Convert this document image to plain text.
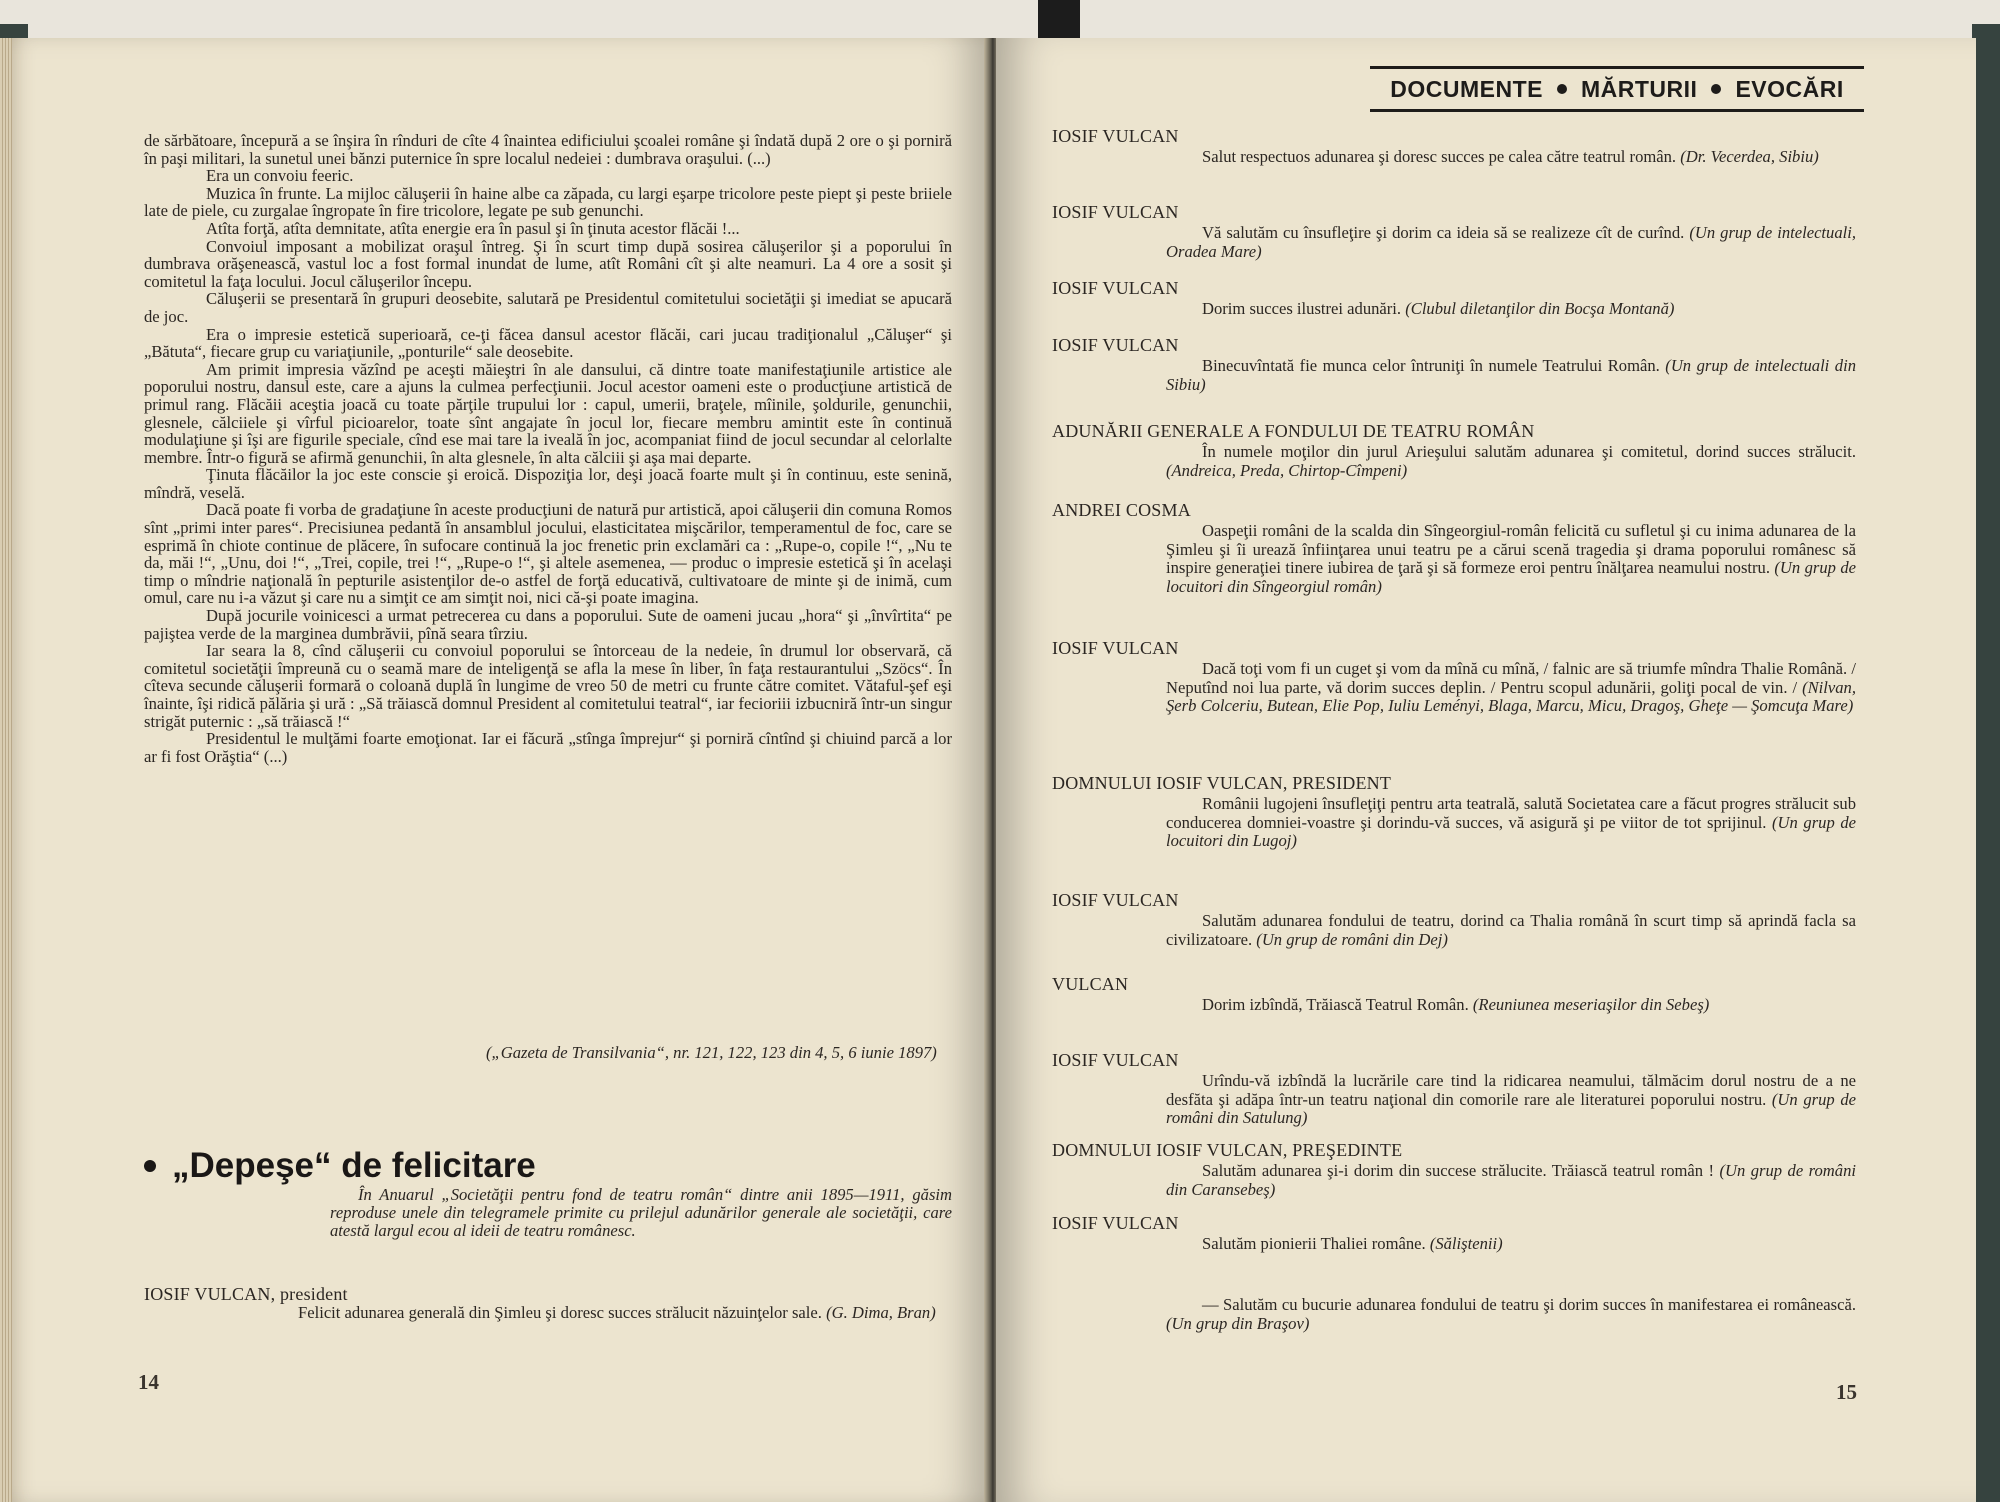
de sărbătoare, începură a se înşira în rînduri de cîte 4 înaintea edificiului şcoalei române şi îndată după 2 ore o şi porniră în paşi militari, la sunetul unei bănzi puternice în spre localul nedeiei : dumbrava oraşului. (...)

Era un convoiu feeric.

Muzica în frunte. La mijloc căluşerii în haine albe ca zăpada, cu largi eşarpe tricolore peste piept şi peste briiele late de piele, cu zurgalae îngropate în fire tricolore, legate pe sub genunchi.

Atîta forţă, atîta demnitate, atîta energie era în pasul şi în ţinuta acestor flăcăi !...

Convoiul imposant a mobilizat oraşul întreg. Şi în scurt timp după sosirea căluşerilor şi a poporului în dumbrava orăşenească, vastul loc a fost formal inundat de lume, atît Români cît şi alte neamuri. La 4 ore a sosit şi comitetul la faţa locului. Jocul căluşerilor începu.

Căluşerii se presentară în grupuri deosebite, salutară pe Presidentul comitetului societăţii şi imediat se apucară de joc.

Era o impresie estetică superioară, ce-ţi făcea dansul acestor flăcăi, cari jucau tradiţionalul „Căluşer“ şi „Bătuta“, fiecare grup cu variaţiunile, „ponturile“ sale deosebite.

Am primit impresia văzînd pe aceşti măieştri în ale dansului, că dintre toate manifestaţiunile artistice ale poporului nostru, dansul este, care a ajuns la culmea perfecţiunii. Jocul acestor oameni este o producţiune artistică de primul rang. Flăcăii aceştia joacă cu toate părţile trupului lor : capul, umerii, braţele, mîinile, şoldurile, genunchii, glesnele, călciiele şi vîrful picioarelor, toate sînt angajate în jocul lor, fiecare membru amintit este în continuă modulaţiune şi îşi are figurile speciale, cînd ese mai tare la iveală în joc, acompaniat fiind de jocul secundar al celorlalte membre. Într-o figură se afirmă genunchii, în alta glesnele, în alta călciii şi aşa mai departe.

Ţinuta flăcăilor la joc este conscie şi eroică. Dispoziţia lor, deşi joacă foarte mult şi în continuu, este senină, mîndră, veselă.

Dacă poate fi vorba de gradaţiune în aceste producţiuni de natură pur artistică, apoi căluşerii din comuna Romos sînt „primi inter pares“. Precisiunea pedantă în ansamblul jocului, elasticitatea mişcărilor, temperamentul de foc, care se esprimă în chiote continue de plăcere, în sufocare continuă la joc frenetic prin exclamări ca : „Rupe-o, copile !“, „Nu te da, măi !“, „Unu, doi !“, „Trei, copile, trei !“, „Rupe-o !“, şi altele asemenea, — produc o impresie estetică şi în acelaşi timp o mîndrie naţională în pepturile asistenţilor de-o astfel de forţă educativă, cultivatoare de minte şi de inimă, cum omul, care nu i-a văzut şi care nu a simţit ce am simţit noi, nici că-şi poate imagina.

După jocurile voinicesci a urmat petrecerea cu dans a poporului. Sute de oameni jucau „hora“ şi „învîrtita“ pe pajiştea verde de la marginea dumbrăvii, pînă seara tîrziu.

Iar seara la 8, cînd căluşerii cu convoiul poporului se întorceau de la nedeie, în drumul lor observară, că comitetul societăţii împreună cu o seamă mare de inteligenţă se afla la mese în liber, în faţa restaurantului „Szöcs“. În cîteva secunde căluşerii formară o coloană duplă în lungime de vreo 50 de metri cu frunte către comitet. Vătaful-şef eşi înainte, îşi ridică pălăria şi ură : „Să trăiască domnul President al comitetului teatral“, iar fecioriii izbucniră într-un singur strigăt puternic : „să trăiască !“

Presidentul le mulţămi foarte emoţionat. Iar ei făcură „stînga împrejur“ şi porniră cîntînd şi chiuind parcă a lor ar fi fost Orăştia“ (...)

(„Gazeta de Transilvania“, nr. 121, 122, 123 din 4, 5, 6 iunie 1897)
„Depeşe“ de felicitare
În Anuarul „Societăţii pentru fond de teatru român“ dintre anii 1895—1911, găsim reproduse unele din telegramele primite cu prilejul adunărilor generale ale societăţii, care atestă largul ecou al ideii de teatru românesc.
IOSIF VULCAN, president
Felicit adunarea generală din Şimleu şi doresc succes strălucit năzuinţelor sale. (G. Dima, Bran)
14
IOSIF VULCAN
Salut respectuos adunarea şi doresc succes pe calea către teatrul român. (Dr. Vecerdea, Sibiu)
IOSIF VULCAN
Vă salutăm cu însufleţire şi dorim ca ideia să se realizeze cît de curînd. (Un grup de intelectuali, Oradea Mare)
IOSIF VULCAN
Dorim succes ilustrei adunări. (Clubul diletanţilor din Bocşa Montană)
IOSIF VULCAN
Binecuvîntată fie munca celor întruniţi în numele Teatrului Român. (Un grup de intelectuali din Sibiu)
ADUNĂRII GENERALE A FONDULUI DE TEATRU ROMÂN
În numele moţilor din jurul Arieşului salutăm adunarea şi comitetul, dorind succes strălucit. (Andreica, Preda, Chirtop-Cîmpeni)
ANDREI COSMA
Oaspeţii români de la scalda din Sîngeorgiul-român felicită cu sufletul şi cu inima adunarea de la Şimleu şi îi urează înfiinţarea unui teatru pe a cărui scenă tragedia şi drama poporului românesc să inspire generaţiei tinere iubirea de ţară şi să formeze eroi pentru înălţarea neamului nostru. (Un grup de locuitori din Sîngeorgiul român)
IOSIF VULCAN
Dacă toţi vom fi un cuget şi vom da mînă cu mînă, / falnic are să triumfe mîndra Thalie Română. / Neputînd noi lua parte, vă dorim succes deplin. / Pentru scopul adunării, goliţi pocal de vin. / (Nilvan, Şerb Colceriu, Butean, Elie Pop, Iuliu Leményi, Blaga, Marcu, Micu, Dragoş, Gheţe — Şomcuţa Mare)
DOMNULUI IOSIF VULCAN, PRESIDENT
Românii lugojeni însufleţiţi pentru arta teatrală, salută Societatea care a făcut progres strălucit sub conducerea domniei-voastre şi dorindu-vă succes, vă asigură şi pe viitor de tot sprijinul. (Un grup de locuitori din Lugoj)
IOSIF VULCAN
Salutăm adunarea fondului de teatru, dorind ca Thalia română în scurt timp să aprindă facla sa civilizatoare. (Un grup de români din Dej)
VULCAN
Dorim izbîndă, Trăiască Teatrul Român. (Reuniunea meseriaşilor din Sebeş)
IOSIF VULCAN
Urîndu-vă izbîndă la lucrările care tind la ridicarea neamului, tălmăcim dorul nostru de a ne desfăta şi adăpa într-un teatru naţional din comorile rare ale literaturei poporului nostru. (Un grup de români din Satulung)
DOMNULUI IOSIF VULCAN, PREŞEDINTE
Salutăm adunarea şi-i dorim din succese strălucite. Trăiască teatrul român ! (Un grup de români din Caransebeş)
IOSIF VULCAN
Salutăm pionierii Thaliei române. (Săliştenii)
— Salutăm cu bucurie adunarea fondului de teatru şi dorim succes în manifestarea ei românească. (Un grup din Braşov)
15
DOCUMENTE MĂRTURII EVOCĂRI
